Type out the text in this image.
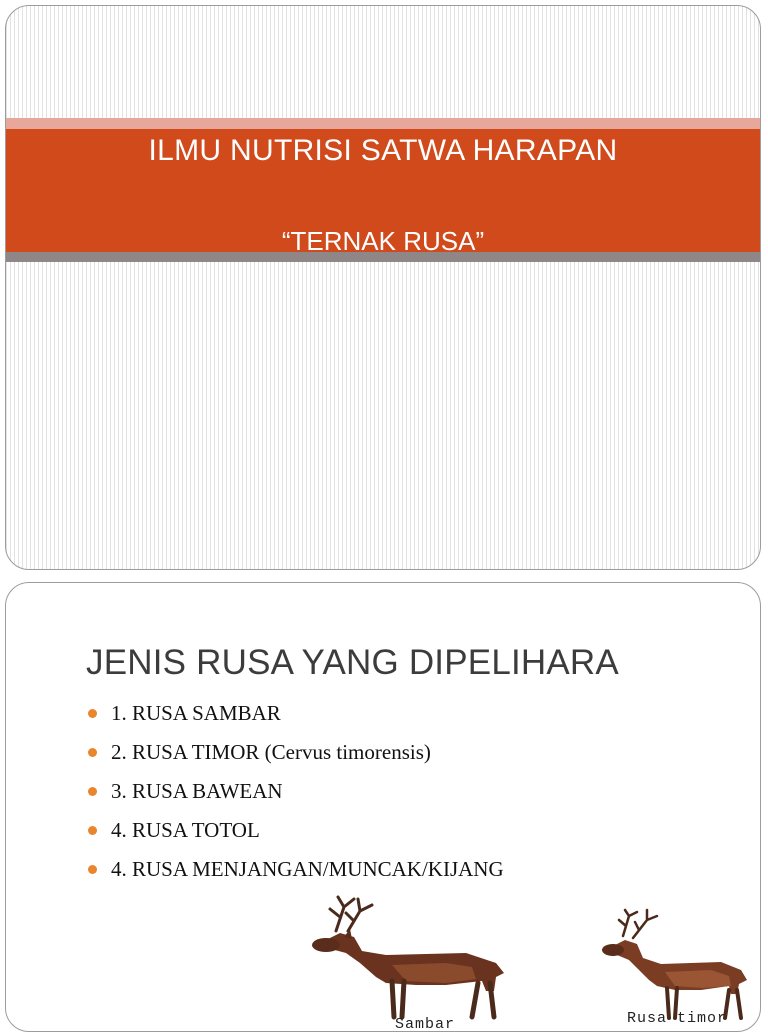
ILMU NUTRISI SATWA HARAPAN
“TERNAK RUSA”
JENIS RUSA YANG DIPELIHARA
1. RUSA SAMBAR
2. RUSA TIMOR (Cervus timorensis)
3. RUSA BAWEAN
4. RUSA TOTOL
4. RUSA MENJANGAN/MUNCAK/KIJANG
Sambar	Rusa timor
